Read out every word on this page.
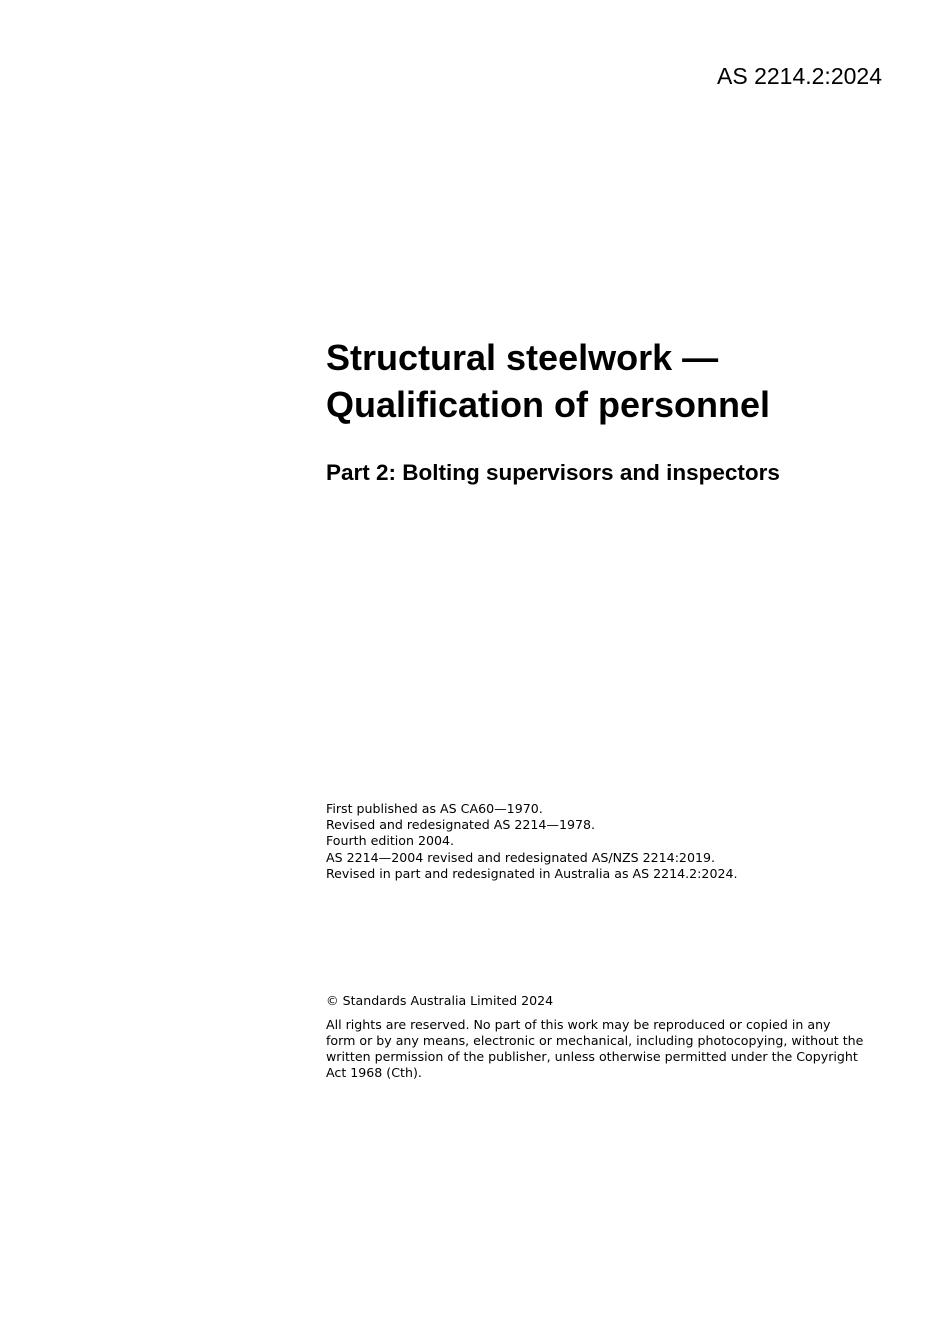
AS 2214.2:2024
Structural steelwork —
Qualification of personnel
Part 2: Bolting supervisors and inspectors
First published as AS CA60—1970.
Revised and redesignated AS 2214—1978.
Fourth edition 2004.
AS 2214—2004 revised and redesignated AS/NZS 2214:2019.
Revised in part and redesignated in Australia as AS 2214.2:2024.
© Standards Australia Limited 2024
All rights are reserved. No part of this work may be reproduced or copied in any
form or by any means, electronic or mechanical, including photocopying, without the
written permission of the publisher, unless otherwise permitted under the Copyright
Act 1968 (Cth).
